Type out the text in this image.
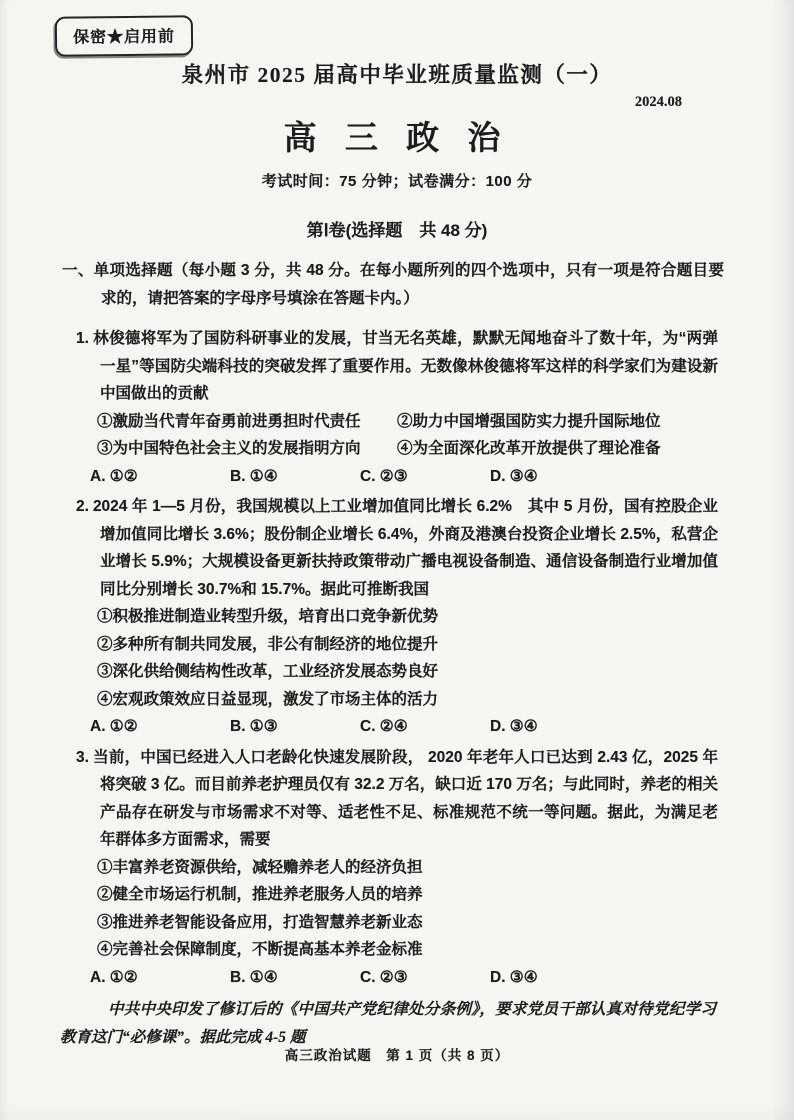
保密★启用前
泉州市 2025 届高中毕业班质量监测（一）
2024.08
高 三 政 治
考试时间：75 分钟；试卷满分：100 分
第Ⅰ卷(选择题　共 48 分)
一、单项选择题（每小题 3 分，共 48 分。在每小题所列的四个选项中，只有一项是符合题目要求的，请把答案的字母序号填涂在答题卡内。）

1. 林俊德将军为了国防科研事业的发展，甘当无名英雄，默默无闻地奋斗了数十年，为“两弹一星”等国防尖端科技的突破发挥了重要作用。无数像林俊德将军这样的科学家们为建设新中国做出的贡献

①激励当代青年奋勇前进勇担时代责任	②助力中国增强国防实力提升国际地位
③为中国特色社会主义的发展指明方向	④为全面深化改革开放提供了理论准备
A. ①②	B. ①④	C. ②③	D. ③④

2. 2024 年 1—5 月份，我国规模以上工业增加值同比增长 6.2%　其中 5 月份，国有控股企业增加值同比增长 3.6%；股份制企业增长 6.4%，外商及港澳台投资企业增长 2.5%，私营企业增长 5.9%；大规模设备更新扶持政策带动广播电视设备制造、通信设备制造行业增加值同比分别增长 30.7%和 15.7%。据此可推断我国

①积极推进制造业转型升级，培育出口竞争新优势
②多种所有制共同发展，非公有制经济的地位提升
③深化供给侧结构性改革，工业经济发展态势良好
④宏观政策效应日益显现，激发了市场主体的活力
A. ①②	B. ①③	C. ②④	D. ③④

3. 当前，中国已经进入人口老龄化快速发展阶段， 2020 年老年人口已达到 2.43 亿，2025 年将突破 3 亿。而目前养老护理员仅有 32.2 万名，缺口近 170 万名；与此同时，养老的相关产品存在研发与市场需求不对等、适老性不足、标准规范不统一等问题。据此，为满足老年群体多方面需求，需要

①丰富养老资源供给，减轻赡养老人的经济负担
②健全市场运行机制，推进养老服务人员的培养
③推进养老智能设备应用，打造智慧养老新业态
④完善社会保障制度，不断提高基本养老金标准
A. ①②	B. ①④	C. ②③	D. ③④
中共中央印发了修订后的《中国共产党纪律处分条例》，要求党员干部认真对待党纪学习教育这门“必修课”。据此完成 4-5 题
高三政治试题　第 1 页（共 8 页）
